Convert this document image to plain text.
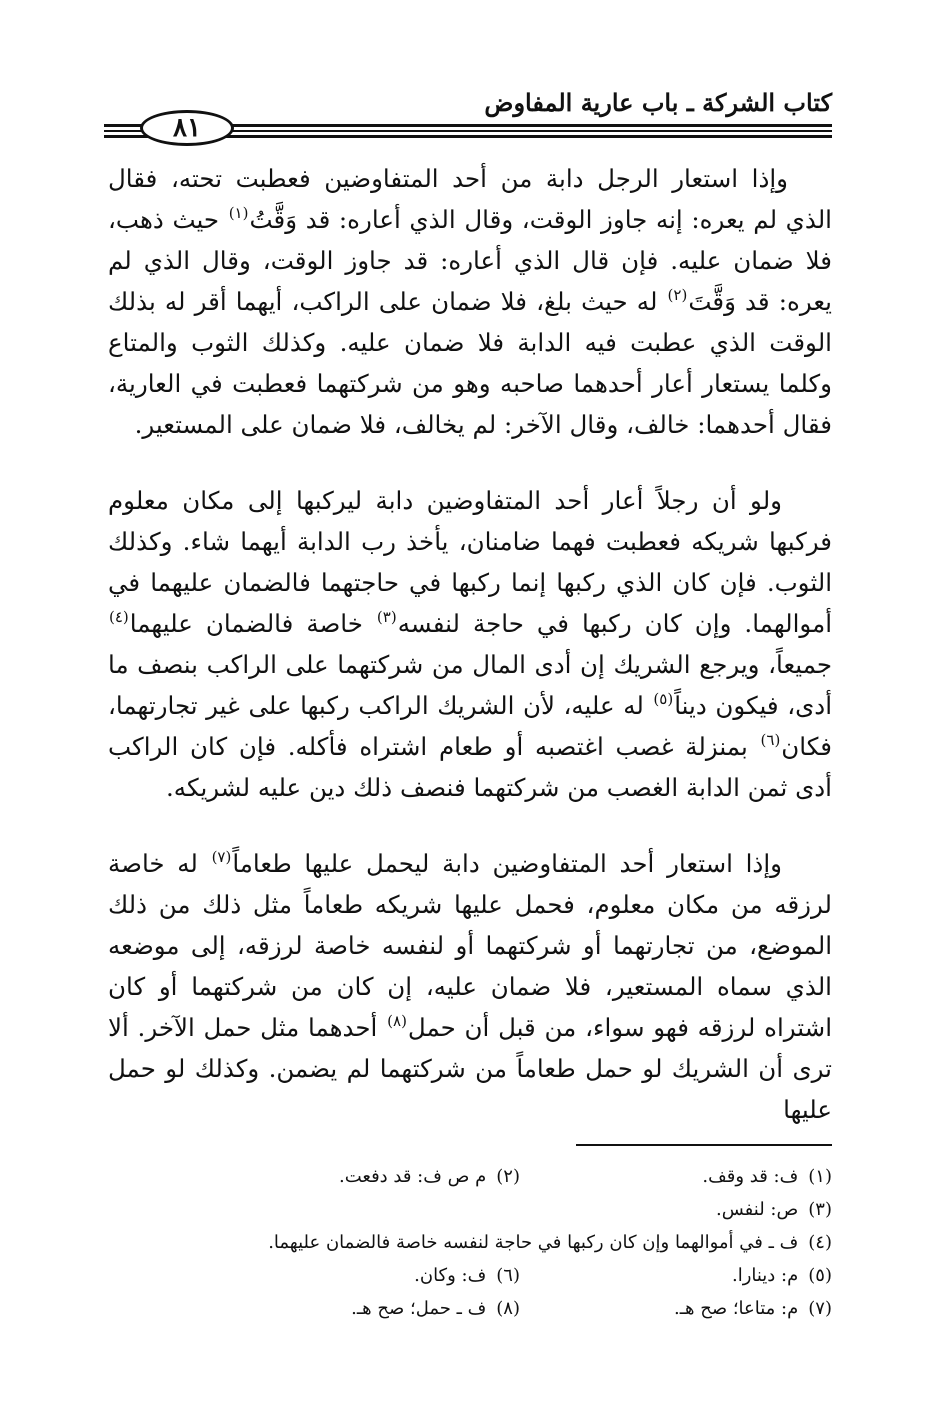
كتاب الشركة ـ باب عارية المفاوض
٨١

وإذا استعار الرجل دابة من أحد المتفاوضين فعطبت تحته، فقال الذي لم يعره: إنه جاوز الوقت، وقال الذي أعاره: قد وَقَّتُ$^{(١)}$ حيث ذهب، فلا ضمان عليه. فإن قال الذي أعاره: قد جاوز الوقت، وقال الذي لم يعره: قد وَقَّتَ$^{(٢)}$ له حيث بلغ، فلا ضمان على الراكب، أيهما أقر له بذلك الوقت الذي عطبت فيه الدابة فلا ضمان عليه. وكذلك الثوب والمتاع وكلما يستعار أعار أحدهما صاحبه وهو من شركتهما فعطبت في العارية، فقال أحدهما: خالف، وقال الآخر: لم يخالف، فلا ضمان على المستعير.

ولو أن رجلاً أعار أحد المتفاوضين دابة ليركبها إلى مكان معلوم فركبها شريكه فعطبت فهما ضامنان، يأخذ رب الدابة أيهما شاء. وكذلك الثوب. فإن كان الذي ركبها إنما ركبها في حاجتهما فالضمان عليهما في أموالهما. وإن كان ركبها في حاجة لنفسه$^{(٣)}$ خاصة فالضمان عليهما$^{(٤)}$ جميعاً، ويرجع الشريك إن أدى المال من شركتهما على الراكب بنصف ما أدى، فيكون ديناً$^{(٥)}$ له عليه، لأن الشريك الراكب ركبها على غير تجارتهما، فكان$^{(٦)}$ بمنزلة غصب اغتصبه أو طعام اشتراه فأكله. فإن كان الراكب أدى ثمن الدابة الغصب من شركتهما فنصف ذلك دين عليه لشريكه.

وإذا استعار أحد المتفاوضين دابة ليحمل عليها طعاماً$^{(٧)}$ له خاصة لرزقه من مكان معلوم، فحمل عليها شريكه طعاماً مثل ذلك من ذلك الموضع، من تجارتهما أو شركتهما أو لنفسه خاصة لرزقه، إلى موضعه الذي سماه المستعير، فلا ضمان عليه، إن كان من شركتهما أو كان اشتراه لرزقه فهو سواء، من قبل أن حمل$^{(٨)}$ أحدهما مثل حمل الآخر. ألا ترى أن الشريك لو حمل طعاماً من شركتهما لم يضمن. وكذلك لو حمل عليها

(١)ف: قد وقف.
(٢)م ص ف: قد دفعت.
(٣)ص: لنفس.
(٤)ف ـ في أموالهما وإن كان ركبها في حاجة لنفسه خاصة فالضمان عليهما.
(٥)م: دينارا.
(٦)ف: وكان.
(٧)م: متاعا؛ صح هـ.
(٨)ف ـ حمل؛ صح هـ.
